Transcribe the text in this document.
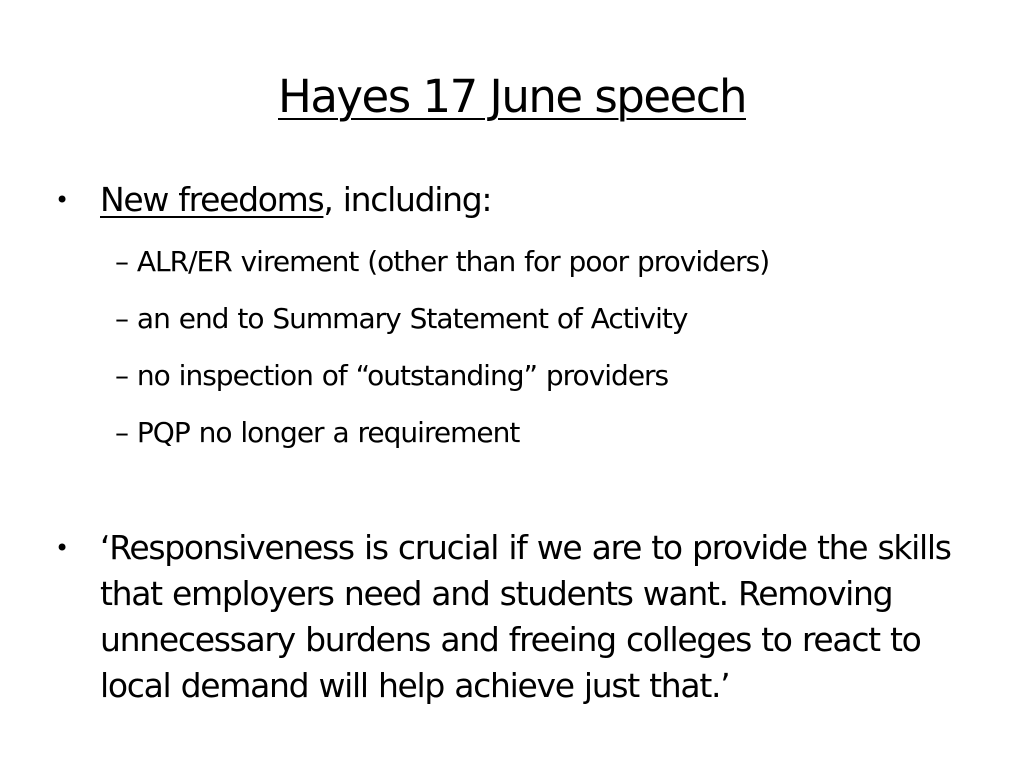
Hayes 17 June speech
• New freedoms, including:
– ALR/ER virement (other than for poor providers)
– an end to Summary Statement of Activity
– no inspection of “outstanding” providers
– PQP no longer a requirement
• ‘Responsiveness is crucial if we are to provide the skills that employers need and students want. Removing unnecessary burdens and freeing colleges to react to local demand will help achieve just that.’
